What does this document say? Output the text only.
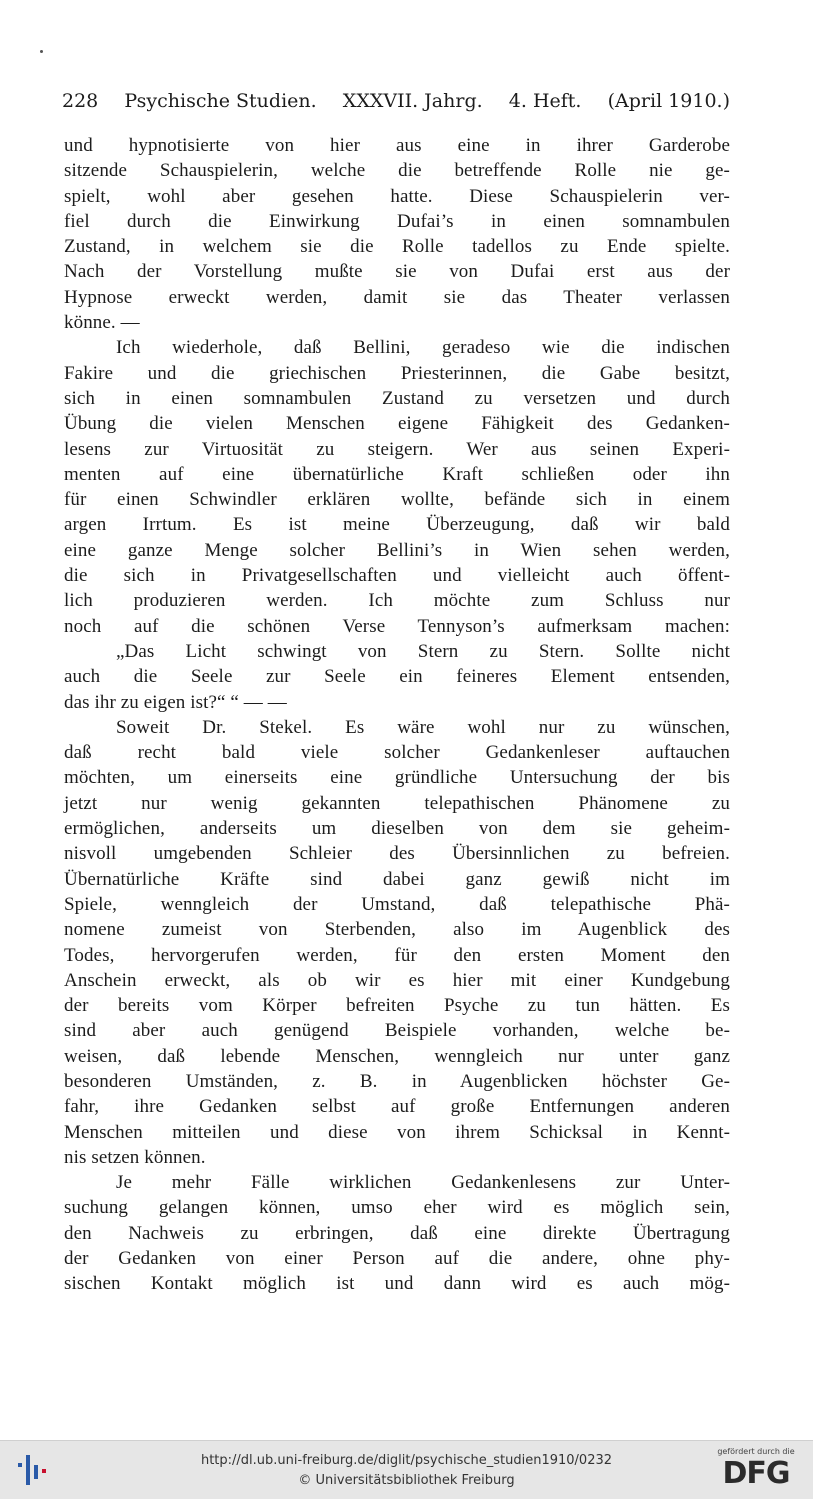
228 Psychische Studien. XXXVII. Jahrg. 4. Heft. (April 1910.)
und hypnotisierte von hier aus eine in ihrer Garderobe
sitzende Schauspielerin, welche die betreffende Rolle nie ge-
spielt, wohl aber gesehen hatte. Diese Schauspielerin ver-
fiel durch die Einwirkung Dufai’s in einen somnambulen
Zustand, in welchem sie die Rolle tadellos zu Ende spielte.
Nach der Vorstellung mußte sie von Dufai erst aus der
Hypnose erweckt werden, damit sie das Theater verlassen
könne. —
Ich wiederhole, daß Bellini, geradeso wie die indischen
Fakire und die griechischen Priesterinnen, die Gabe besitzt,
sich in einen somnambulen Zustand zu versetzen und durch
Übung die vielen Menschen eigene Fähigkeit des Gedanken-
lesens zur Virtuosität zu steigern. Wer aus seinen Experi-
menten auf eine übernatürliche Kraft schließen oder ihn
für einen Schwindler erklären wollte, befände sich in einem
argen Irrtum. Es ist meine Überzeugung, daß wir bald
eine ganze Menge solcher Bellini’s in Wien sehen werden,
die sich in Privatgesellschaften und vielleicht auch öffent-
lich produzieren werden. Ich möchte zum Schluss nur
noch auf die schönen Verse Tennyson’s aufmerksam machen:
„Das Licht schwingt von Stern zu Stern. Sollte nicht
auch die Seele zur Seele ein feineres Element entsenden,
das ihr zu eigen ist?“ “ — —
Soweit Dr. Stekel. Es wäre wohl nur zu wünschen,
daß recht bald viele solcher Gedankenleser auftauchen
möchten, um einerseits eine gründliche Untersuchung der bis
jetzt nur wenig gekannten telepathischen Phänomene zu
ermöglichen, anderseits um dieselben von dem sie geheim-
nisvoll umgebenden Schleier des Übersinnlichen zu befreien.
Übernatürliche Kräfte sind dabei ganz gewiß nicht im
Spiele, wenngleich der Umstand, daß telepathische Phä-
nomene zumeist von Sterbenden, also im Augenblick des
Todes, hervorgerufen werden, für den ersten Moment den
Anschein erweckt, als ob wir es hier mit einer Kundgebung
der bereits vom Körper befreiten Psyche zu tun hätten. Es
sind aber auch genügend Beispiele vorhanden, welche be-
weisen, daß lebende Menschen, wenngleich nur unter ganz
besonderen Umständen, z. B. in Augenblicken höchster Ge-
fahr, ihre Gedanken selbst auf große Entfernungen anderen
Menschen mitteilen und diese von ihrem Schicksal in Kennt-
nis setzen können.
Je mehr Fälle wirklichen Gedankenlesens zur Unter-
suchung gelangen können, umso eher wird es möglich sein,
den Nachweis zu erbringen, daß eine direkte Übertragung
der Gedanken von einer Person auf die andere, ohne phy-
sischen Kontakt möglich ist und dann wird es auch mög-
http://dl.ub.uni-freiburg.de/diglit/psychische_studien1910/0232
© Universitätsbibliothek Freiburg
gefördert durch die
DFG
